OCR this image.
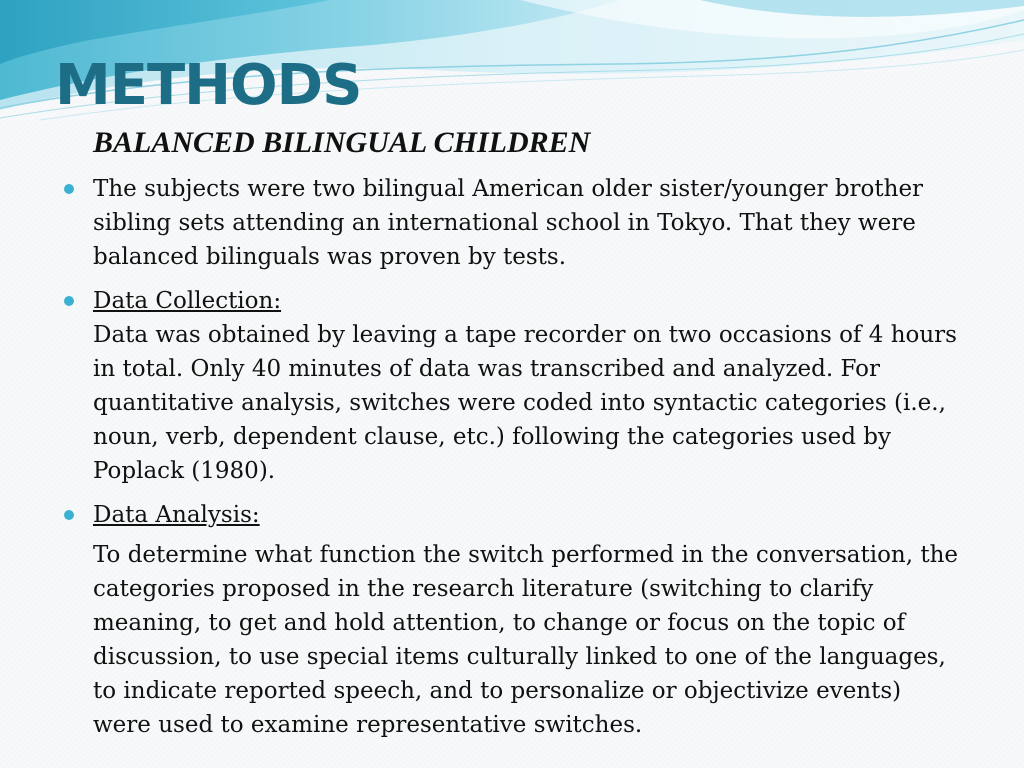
METHODS
BALANCED BILINGUAL CHILDREN
The subjects were two bilingual American older sister/younger brother sibling sets attending an international school in Tokyo. That they were balanced bilinguals was proven by tests.
Data Collection:
Data was obtained by leaving a tape recorder on two occasions of 4 hours in total. Only 40 minutes of data was transcribed and analyzed. For quantitative analysis, switches were coded into syntactic categories (i.e., noun, verb, dependent clause, etc.) following the categories used by Poplack (1980).
Data Analysis:
To determine what function the switch performed in the conversation, the categories proposed in the research literature (switching to clarify meaning, to get and hold attention, to change or focus on the topic of discussion, to use special items culturally linked to one of the languages, to indicate reported speech, and to personalize or objectivize events) were used to examine representative switches.
